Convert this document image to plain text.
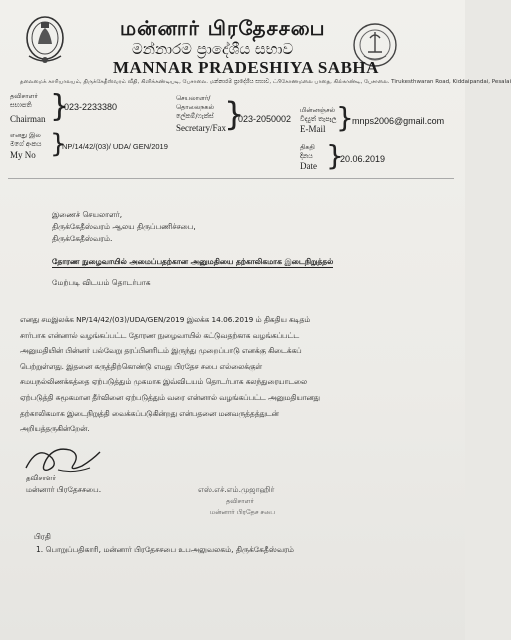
மன்னார் பிரதேசசபை
මන්නාරම ප්‍රාදේශීය සභාව
MANNAR PRADESHIYA SABHA
தலைமைக் காரியாலயம், திருக்கேதீஸ்வரம் வீதி, கிளிக்கண்டியடி, பேசாலை. மන්නාරම ප්‍රාදේශීය සභාව, ட்ரிகோணமலை பாதை, கில்காண்டி, பேசாலை. Tirukesthwaran Road, Kiddaipandai, Pesalai
தவிசாளர்
සභාපති
Chairman }
023-2233380
செயலாளர்/
தொலைநகல்
ලේකම්/ෆැක්ස්
Secretary/Fax
}
023-2050002
மின்னஞ்சல்
විද්‍යුත් තැපෑල
E-Mail }
mnps2006@gmail.com
எனது இல
මගේ අංකය
My No }
NP/14/42/(03)/ UDA/ GEN/2019	திகதி
දිනය
Date }
20.06.2019
இணைச் செயலாளர்,
திருக்கேதீஸ்வரம் ஆலய திருப்பணிச்சபை,
திருக்கேதீஸ்வரம்.
தோரண நுழைவாயில் அமைப்பதற்கான அனுமதியை தற்காலிகமாக இடைநிறுத்தல்
மேற்படி விடயம் தொடர்பாக
எனது சமஇலக்க NP/14/42/(03)/UDA/GEN/2019 இலக்க 14.06.2019 ம் திகதிய கடிதம்
சார்பாக என்னால் வழங்கப்பட்ட தோரண நுழைவாயில் கட்டுவதற்காக வழங்கப்பட்ட
அனுமதியின் பின்னர் பல்வேறு தரப்பினரிடம் இருந்து முறைப்பாடு எனக்கு கிடைக்கப்
பெற்றுள்ளது. இதனை கருத்திற்கொண்டு எமது பிரதேச சபை எல்லைக்குள்
சமயநல்லிணக்கத்தை ஏற்படுத்தும் முகமாக இவ்விடயம் தொடர்பாக கலந்துரையாடலை
ஏற்படுத்தி சுமூகமான தீர்வினை ஏற்படுத்தும் வரை என்னால் வழங்கப்பட்ட அனுமதியானது
தற்காலிகமாக இடைநிறுத்தி வைக்கப்படுகின்றது என்பதனை மனவருத்தத்துடன்
அறியத்தருகின்றேன்.
தவிசாளர்
மன்னார் பிரதேசசபை.	எஸ்.எச்.எம்.முஜாஹிர்
தவிசாளர்
மன்னார் பிரதேச சபை
பிரதி
1. பொறுப்பதிகாரி, மன்னார் பிரதேசசபை உபஅலுவலகம், திருக்கேதீஸ்வரம்
